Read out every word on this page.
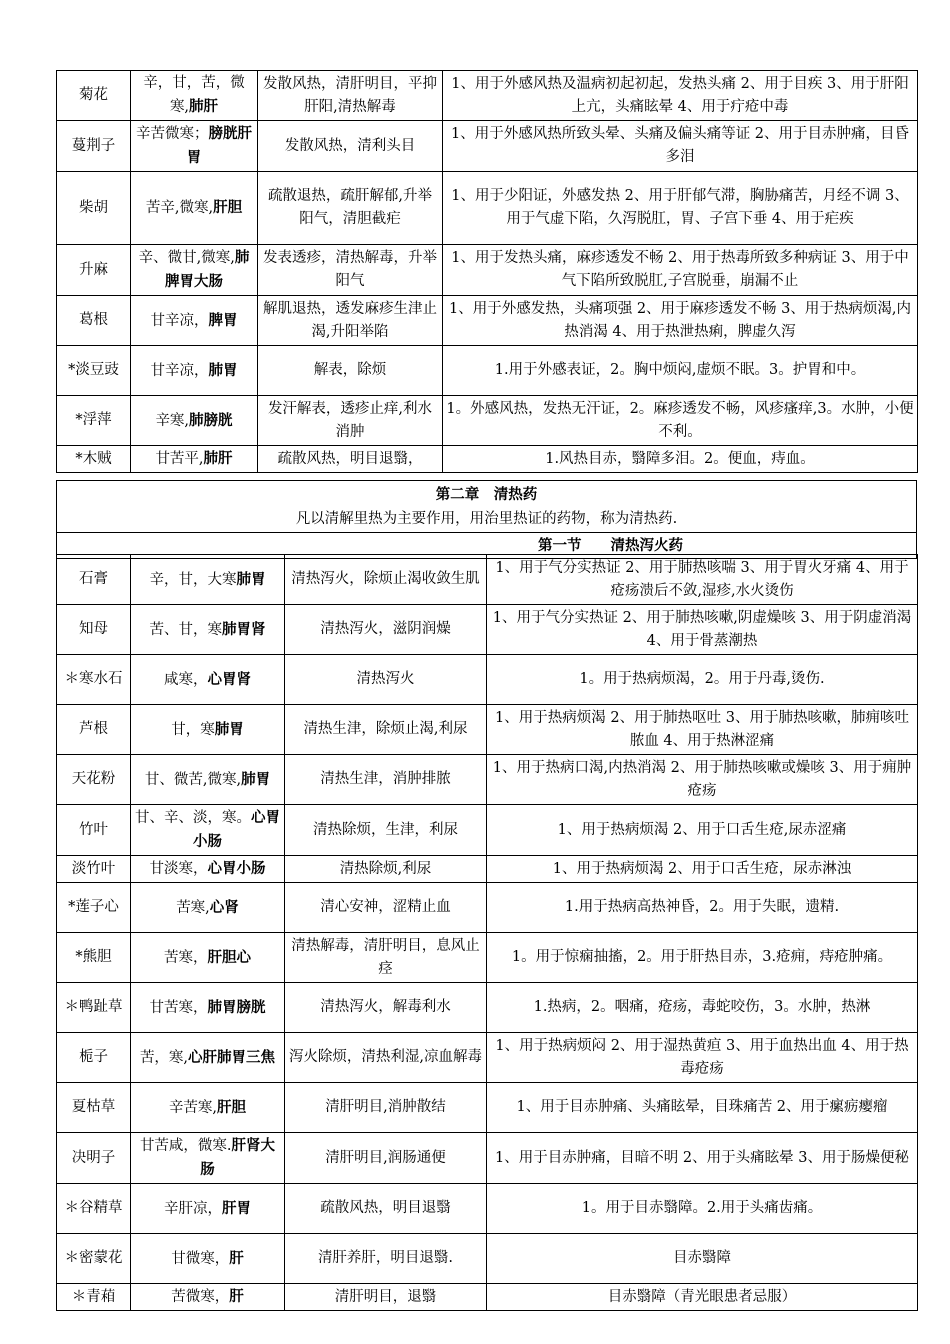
菊花	辛，甘，苦，微寒,肺肝	发散风热，清肝明目，平抑肝阳,清热解毒	1、用于外感风热及温病初起初起，发热头痛 2、用于目疾 3、用于肝阳上亢，头痛眩晕 4、用于疔疮中毒
蔓荆子	辛苦微寒；膀胱肝胃	发散风热，清利头目	1、用于外感风热所致头晕、头痛及偏头痛等证 2、用于目赤肿痛，目昏多泪
柴胡	苦辛,微寒,肝胆	疏散退热，疏肝解郁,升举阳气，清胆截疟	1、用于少阳证，外感发热 2、用于肝郁气滞，胸胁痛苦，月经不调 3、用于气虚下陷，久泻脱肛，胃、子宫下垂 4、用于疟疾
升麻	辛、微甘,微寒,肺脾胃大肠	发表透疹，清热解毒，升举阳气	1、用于发热头痛，麻疹透发不畅 2、用于热毒所致多种病证 3、用于中气下陷所致脱肛,子宫脱垂，崩漏不止
葛根	甘辛凉，脾胃	解肌退热，透发麻疹生津止渴,升阳举陷	1、用于外感发热，头痛项强 2、用于麻疹透发不畅 3、用于热病烦渴,内热消渴 4、用于热泄热痢，脾虚久泻
*淡豆豉	甘辛凉，肺胃	解表，除烦	1.用于外感表证，2。胸中烦闷,虚烦不眠。3。护胃和中。
*浮萍	辛寒,肺膀胱	发汗解表，透疹止痒,利水消肿	1。外感风热，发热无汗证，2。麻疹透发不畅，风疹瘙痒,3。水肿，小便不利。
*木贼	甘苦平,肺肝	疏散风热，明目退翳，	1.风热目赤，翳障多泪。2。便血，痔血。
第二章　清热药
凡以清解里热为主要作用，用治里热证的药物，称为清热药.
第一节　　清热泻火药
石膏	辛，甘，大寒肺胃	清热泻火，除烦止渴收敛生肌	1、用于气分实热证 2、用于肺热咳喘 3、用于胃火牙痛 4、用于疮疡溃后不敛,湿疹,水火烫伤
知母	苦、甘，寒肺胃肾	清热泻火，滋阴润燥	1、用于气分实热证 2、用于肺热咳嗽,阴虚燥咳 3、用于阴虚消渴 4、用于骨蒸潮热
＊寒水石	咸寒，心胃肾	清热泻火	1。用于热病烦渴，2。用于丹毒,烫伤.
芦根	甘，寒肺胃	清热生津，除烦止渴,利尿	1、用于热病烦渴 2、用于肺热呕吐 3、用于肺热咳嗽，肺痈咳吐脓血 4、用于热淋涩痛
天花粉	甘、微苦,微寒,肺胃	清热生津，消肿排脓	1、用于热病口渴,内热消渴 2、用于肺热咳嗽或燥咳 3、用于痈肿疮疡
竹叶	甘、辛、淡，寒。心胃小肠	清热除烦，生津，利尿	1、用于热病烦渴 2、用于口舌生疮,尿赤涩痛
淡竹叶	甘淡寒，心胃小肠	清热除烦,利尿	1、用于热病烦渴 2、用于口舌生疮，尿赤淋浊
*莲子心	苦寒,心肾	清心安神，涩精止血	1.用于热病高热神昏，2。用于失眠，遗精.
*熊胆	苦寒，肝胆心	清热解毒，清肝明目，息风止痉	1。用于惊痫抽搐，2。用于肝热目赤，3.疮痈，痔疮肿痛。
＊鸭趾草	甘苦寒，肺胃膀胱	清热泻火，解毒利水	1.热病，2。咽痛，疮疡，毒蛇咬伤，3。水肿，热淋
栀子	苦，寒,心肝肺胃三焦	泻火除烦，清热利湿,凉血解毒	1、用于热病烦闷 2、用于湿热黄疸 3、用于血热出血 4、用于热毒疮疡
夏枯草	辛苦寒,肝胆	清肝明目,消肿散结	1、用于目赤肿痛、头痛眩晕，目珠痛苦 2、用于瘰疬瘿瘤
决明子	甘苦咸，微寒.肝肾大肠	清肝明目,润肠通便	1、用于目赤肿痛，目暗不明 2、用于头痛眩晕 3、用于肠燥便秘
＊谷精草	辛肝凉，肝胃	疏散风热，明目退翳	1。用于目赤翳障。2.用于头痛齿痛。
＊密蒙花	甘微寒，肝	清肝养肝，明目退翳.	目赤翳障
＊青葙	苦微寒，肝	清肝明目，退翳	目赤翳障（青光眼患者忌服）
